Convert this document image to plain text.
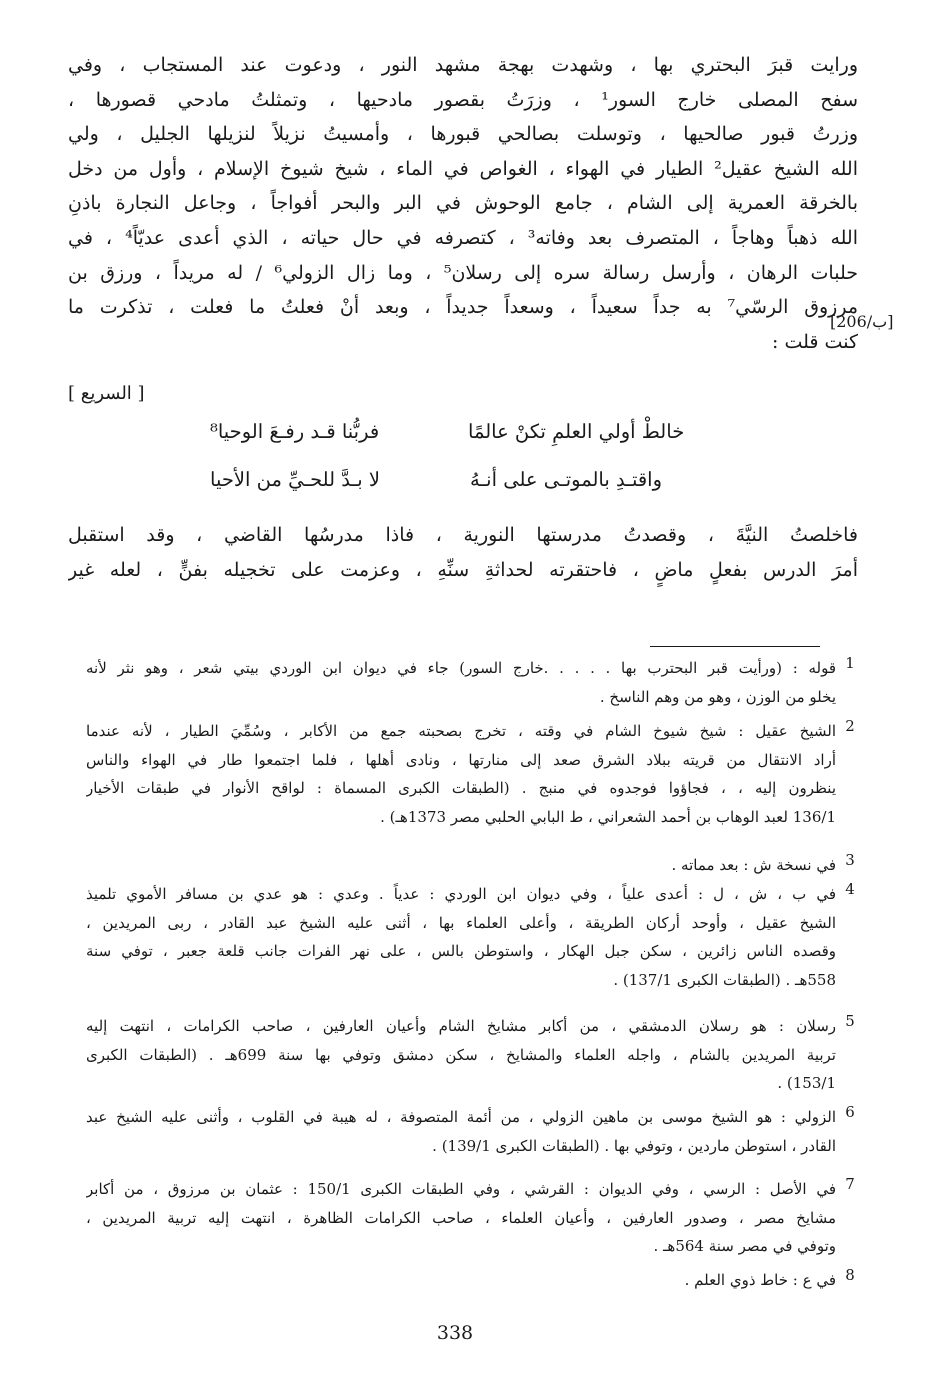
ورايت قبرَ البحتري بها ، وشهدت بهجة مشهد النور ، ودعوت عند المستجاب ، وفي
سفح المصلى خارج السور¹ ، وزرَتُ بقصور مادحيها ، وتمثلتُ مادحي قصورها ،
وزرتُ قبور صالحيها ، وتوسلت بصالحي قبورها ، وأمسيتُ نزيلاً لنزيلها الجليل ، ولي
الله الشيخ عقيل² الطيار في الهواء ، الغواص في الماء ، شيخ شيوخ الإسلام ، وأول من دخل
بالخرقة العمرية إلى الشام ، جامع الوحوش في البر والبحر أفواجاً ، وجاعل النجارة باذنِ
الله ذهباً وهاجاً ، المتصرف بعد وفاته³ ، كتصرفه في حال حياته ، الذي أعدى عديّاً⁴ ، في
حلبات الرهان ، وأرسل رسالة سره إلى رسلان⁵ ، وما زال الزولي⁶ / له مريداً ، ورزق بن
مرزوق الرسّي⁷ به جداً سعيداً ، وسعداً جديداً ، وبعد أنْ فعلتُ ما فعلت ، تذكرت ما
كنت قلت :
[ السريع ]
[206/ب]
خالطْ أولي العلمِ تكنْ عالمًا
فربُّنا قـد رفـعَ الوحيا⁸
واقتـدِ بالموتـى على أنـهُ
لا بـدَّ للحـيِّ من الأحيا
فاخلصتُ النيَّةَ ، وقصدتُ مدرستها النورية ، فاذا مدرسُها القاضي ، وقد استقبل
أمرَ الدرس بفعلٍ ماضٍ ، فاحتقرته لحداثةِ سنِّهِ ، وعزمت على تخجيله بفنٍّ ، لعله غير
1
قوله : (ورأيت قبر البحترب بها . . . . .خارج السور) جاء في ديوان ابن الوردي بيتي شعر ، وهو نثر لأنه
يخلو من الوزن ، وهو من وهم الناسخ .
2
الشيخ عقيل : شيخ شيوخ الشام في وقته ، تخرج بصحبته جمع من الأكابر ، وسُمِّيَ الطيار ، لأنه عندما
أراد الانتقال من قريته ببلاد الشرق صعد إلى منارتها ، ونادى أهلها ، فلما اجتمعوا طار في الهواء والناس
ينظرون إليه ، ، فجاؤوا فوجدوه في منبج . (الطبقات الكبرى المسماة : لواقح الأنوار في طبقات الأخيار
136/1 لعبد الوهاب بن أحمد الشعراني ، ط البابي الحلبي مصر 1373هـ) .
3
في نسخة ش : بعد مماته .
4
في ب ، ش ، ل : أعدى علياً ، وفي ديوان ابن الوردي : عدياً . وعدي : هو عدي بن مسافر الأموي تلميذ
الشيخ عقيل ، وأوحد أركان الطريقة ، وأعلى العلماء بها ، أثنى عليه الشيخ عبد القادر ، ربى المريدين ،
وقصده الناس زائرين ، سكن جبل الهكار ، واستوطن بالس ، على نهر الفرات جانب قلعة جعبر ، توفي سنة
558هـ . (الطبقات الكبرى 137/1) .
5
رسلان : هو رسلان الدمشقي ، من أكابر مشايخ الشام وأعيان العارفين ، صاحب الكرامات ، انتهت إليه
تربية المريدين بالشام ، واجله العلماء والمشايخ ، سكن دمشق وتوفي بها سنة 699هـ . (الطبقات الكبرى
153/1) .
6
الزولي : هو الشيخ موسى بن ماهين الزولي ، من أئمة المتصوفة ، له هيبة في القلوب ، وأثنى عليه الشيخ عبد
القادر ، استوطن ماردين ، وتوفي بها . (الطبقات الكبرى 139/1) .
7
في الأصل : الرسي ، وفي الديوان : القرشي ، وفي الطبقات الكبرى 150/1 : عثمان بن مرزوق ، من أكابر
مشايخ مصر ، وصدور العارفين ، وأعيان العلماء ، صاحب الكرامات الظاهرة ، انتهت إليه تربية المريدين ،
وتوفي في مصر سنة 564هـ .
8
في ع : خاط ذوي العلم .
338
